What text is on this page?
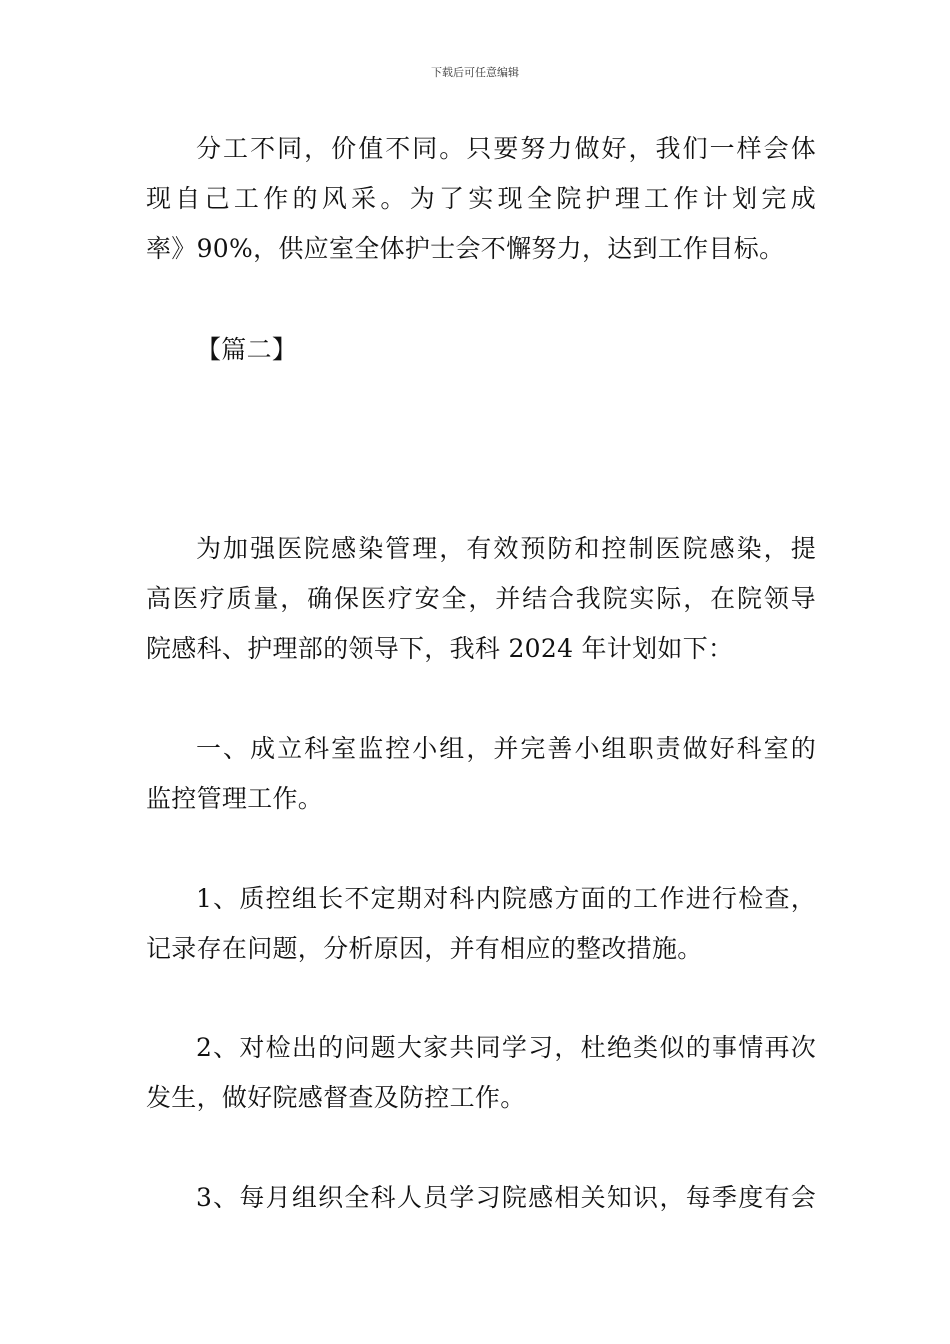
下载后可任意编辑
分工不同，价值不同。只要努力做好，我们一样会体
现自己工作的风采。为了实现全院护理工作计划完成
率》90%，供应室全体护士会不懈努力，达到工作目标。
【篇二】
为加强医院感染管理，有效预防和控制医院感染，提
高医疗质量，确保医疗安全，并结合我院实际，在院领导
院感科、护理部的领导下，我科 2024 年计划如下：
一、成立科室监控小组，并完善小组职责做好科室的
监控管理工作。
1、质控组长不定期对科内院感方面的工作进行检查，
记录存在问题，分析原因，并有相应的整改措施。
2、对检出的问题大家共同学习，杜绝类似的事情再次
发生，做好院感督查及防控工作。
3、每月组织全科人员学习院感相关知识，每季度有会
